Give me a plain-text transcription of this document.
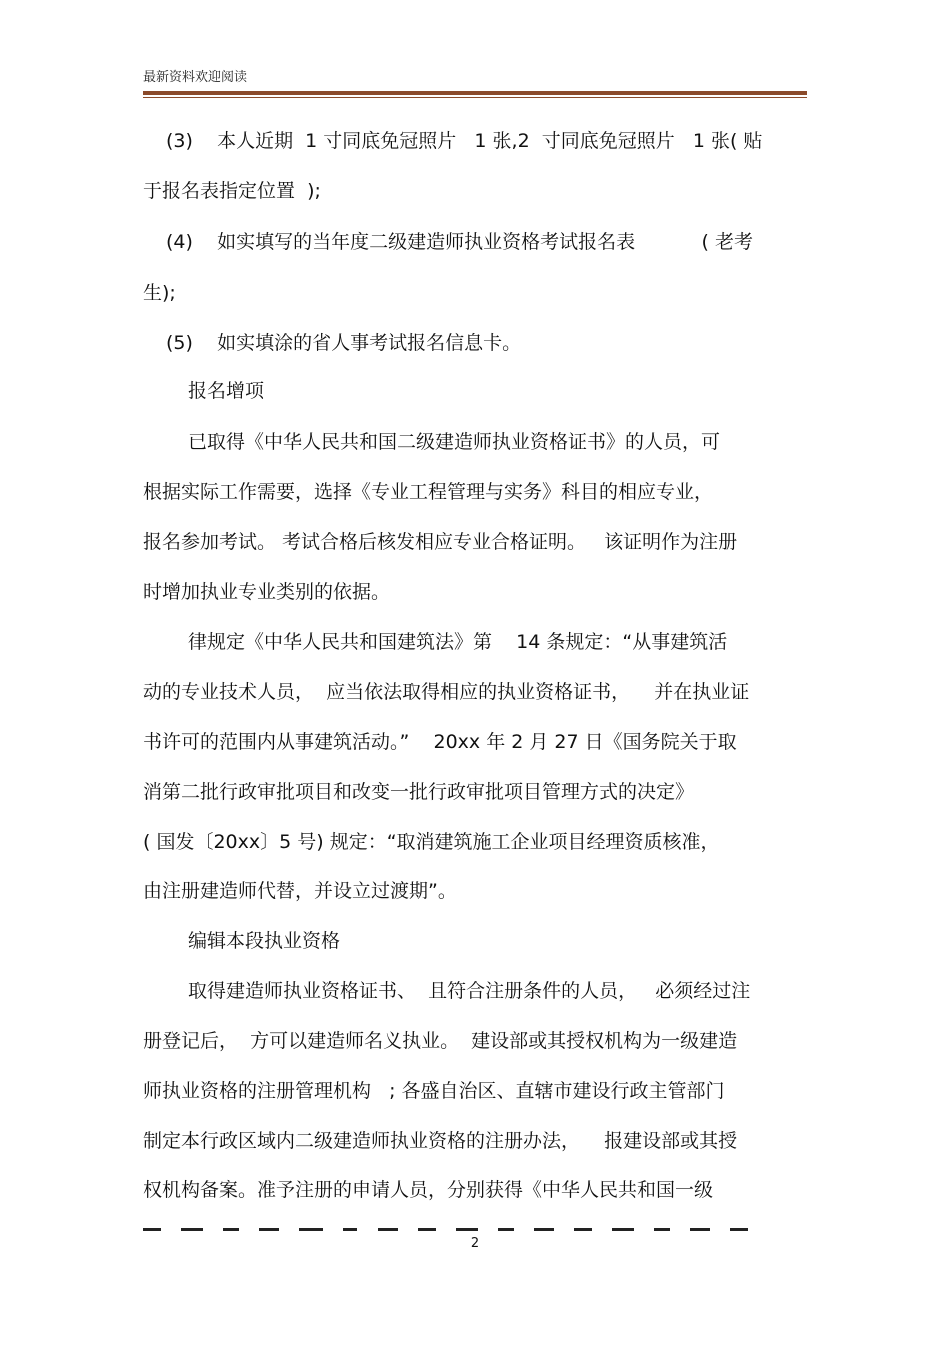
最新资料欢迎阅读
(3)    本人近期  1 寸同底免冠照片   1 张,2  寸同底免冠照片   1 张( 贴
于报名表指定位置  );
(4)    如实填写的当年度二级建造师执业资格考试报名表           ( 老考
生);
(5)    如实填涂的省人事考试报名信息卡。
报名增项
已取得《中华人民共和国二级建造师执业资格证书》的人员，可
根据实际工作需要，选择《专业工程管理与实务》科目的相应专业，
报名参加考试。 考试合格后核发相应专业合格证明。   该证明作为注册
时增加执业专业类别的依据。
律规定《中华人民共和国建筑法》第    14 条规定：“从事建筑活
动的专业技术人员，  应当依法取得相应的执业资格证书，    并在执业证
书许可的范围内从事建筑活动。”    20xx 年 2 月 27 日《国务院关于取
消第二批行政审批项目和改变一批行政审批项目管理方式的决定》
( 国发〔20xx〕5 号) 规定：“取消建筑施工企业项目经理资质核准，
由注册建造师代替，并设立过渡期”。
编辑本段执业资格
取得建造师执业资格证书、  且符合注册条件的人员，   必须经过注
册登记后，  方可以建造师名义执业。  建设部或其授权机构为一级建造
师执业资格的注册管理机构   ; 各盛自治区、直辖市建设行政主管部门
制定本行政区域内二级建造师执业资格的注册办法，    报建设部或其授
权机构备案。准予注册的申请人员，分别获得《中华人民共和国一级

2
